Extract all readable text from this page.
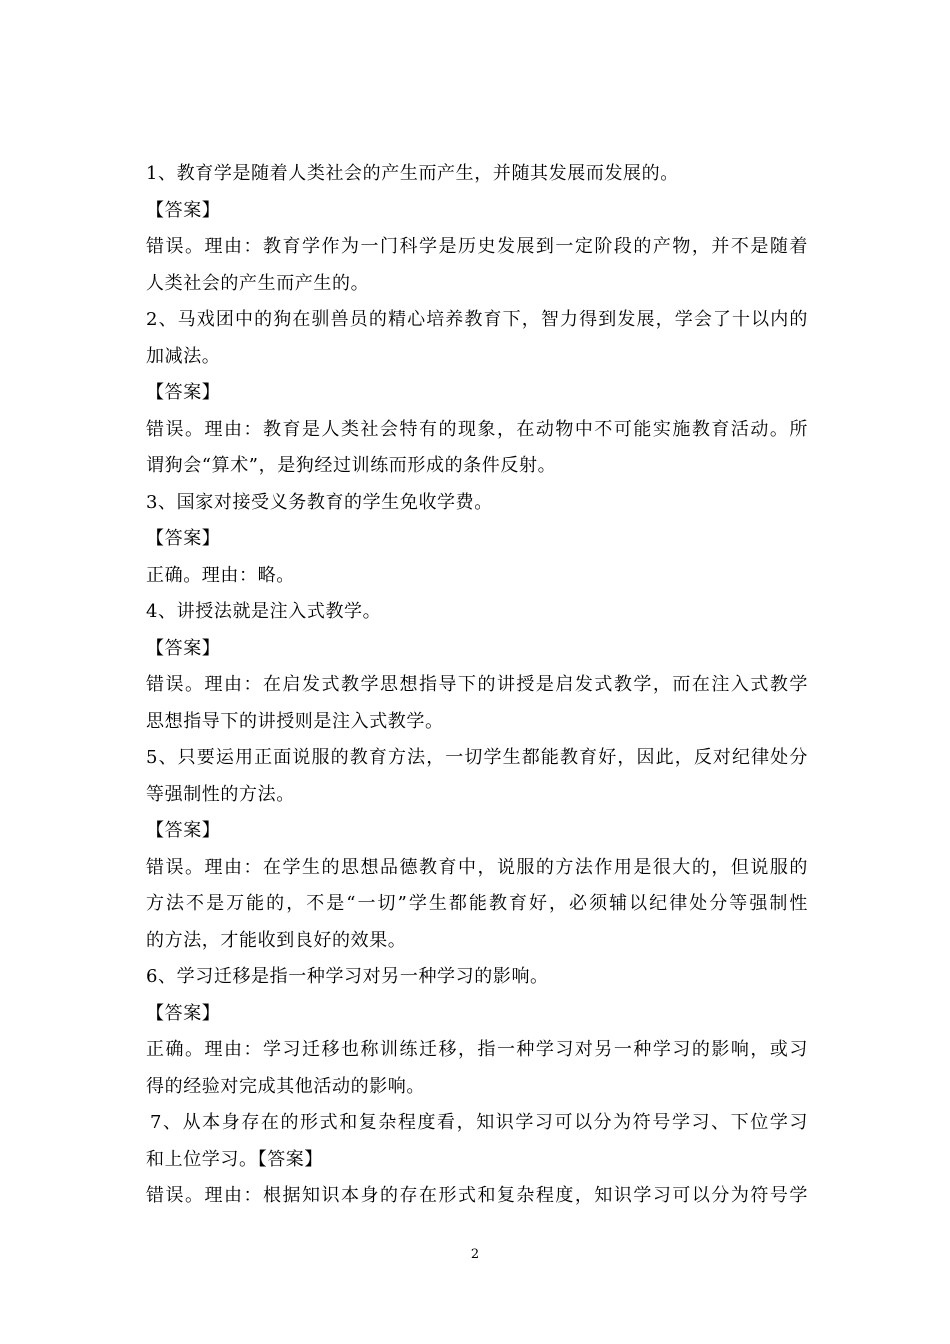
1、教育学是随着人类社会的产生而产生，并随其发展而发展的。
【答案】
错误。理由：教育学作为一门科学是历史发展到一定阶段的产物，并不是随着
人类社会的产生而产生的。
2、马戏团中的狗在驯兽员的精心培养教育下，智力得到发展，学会了十以内的
加减法。
【答案】
错误。理由：教育是人类社会特有的现象，在动物中不可能实施教育活动。所
谓狗会“算术”，是狗经过训练而形成的条件反射。
3、国家对接受义务教育的学生免收学费。
【答案】
正确。理由：略。
4、讲授法就是注入式教学。
【答案】
错误。理由：在启发式教学思想指导下的讲授是启发式教学，而在注入式教学
思想指导下的讲授则是注入式教学。
5、只要运用正面说服的教育方法，一切学生都能教育好，因此，反对纪律处分
等强制性的方法。
【答案】
错误。理由：在学生的思想品德教育中，说服的方法作用是很大的，但说服的
方法不是万能的，不是“一切”学生都能教育好，必须辅以纪律处分等强制性
的方法，才能收到良好的效果。
6、学习迁移是指一种学习对另一种学习的影响。
【答案】
正确。理由：学习迁移也称训练迁移，指一种学习对另一种学习的影响，或习
得的经验对完成其他活动的影响。
7、从本身存在的形式和复杂程度看，知识学习可以分为符号学习、下位学习
和上位学习。【答案】
错误。理由：根据知识本身的存在形式和复杂程度，知识学习可以分为符号学
2
